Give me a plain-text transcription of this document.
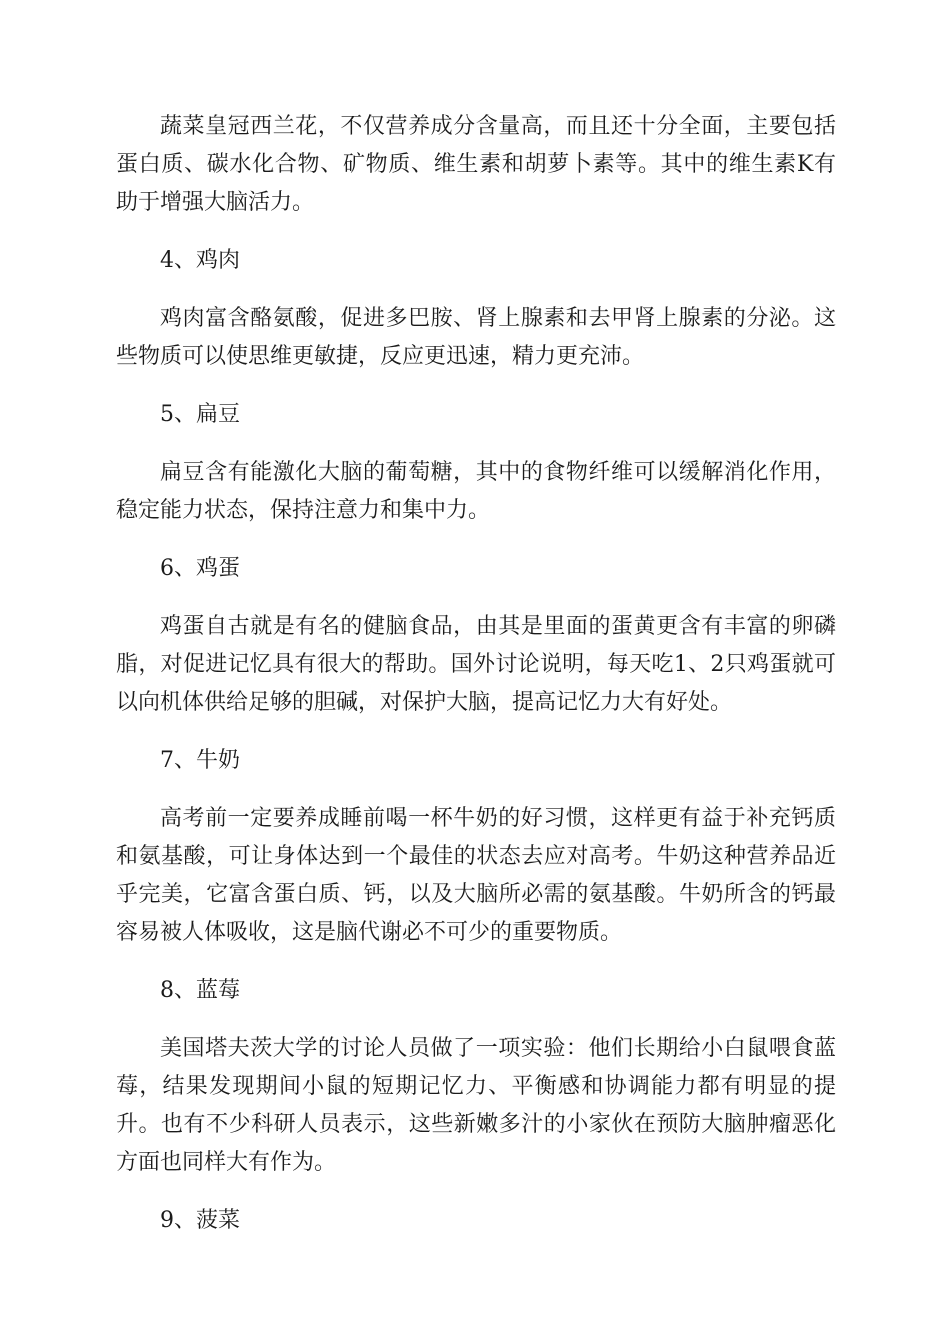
蔬菜皇冠西兰花，不仅营养成分含量高，而且还十分全面，主要包括蛋白质、碳水化合物、矿物质、维生素和胡萝卜素等。其中的维生素K有助于增强大脑活力。

4、鸡肉

鸡肉富含酪氨酸，促进多巴胺、肾上腺素和去甲肾上腺素的分泌。这些物质可以使思维更敏捷，反应更迅速，精力更充沛。

5、扁豆

扁豆含有能激化大脑的葡萄糖，其中的食物纤维可以缓解消化作用，稳定能力状态，保持注意力和集中力。

6、鸡蛋

鸡蛋自古就是有名的健脑食品，由其是里面的蛋黄更含有丰富的卵磷脂，对促进记忆具有很大的帮助。国外讨论说明，每天吃1、2只鸡蛋就可以向机体供给足够的胆碱，对保护大脑，提高记忆力大有好处。

7、牛奶

高考前一定要养成睡前喝一杯牛奶的好习惯，这样更有益于补充钙质和氨基酸，可让身体达到一个最佳的状态去应对高考。牛奶这种营养品近乎完美，它富含蛋白质、钙，以及大脑所必需的氨基酸。牛奶所含的钙最容易被人体吸收，这是脑代谢必不可少的重要物质。

8、蓝莓

美国塔夫茨大学的讨论人员做了一项实验：他们长期给小白鼠喂食蓝莓，结果发现期间小鼠的短期记忆力、平衡感和协调能力都有明显的提升。也有不少科研人员表示，这些新嫩多汁的小家伙在预防大脑肿瘤恶化方面也同样大有作为。

9、菠菜
